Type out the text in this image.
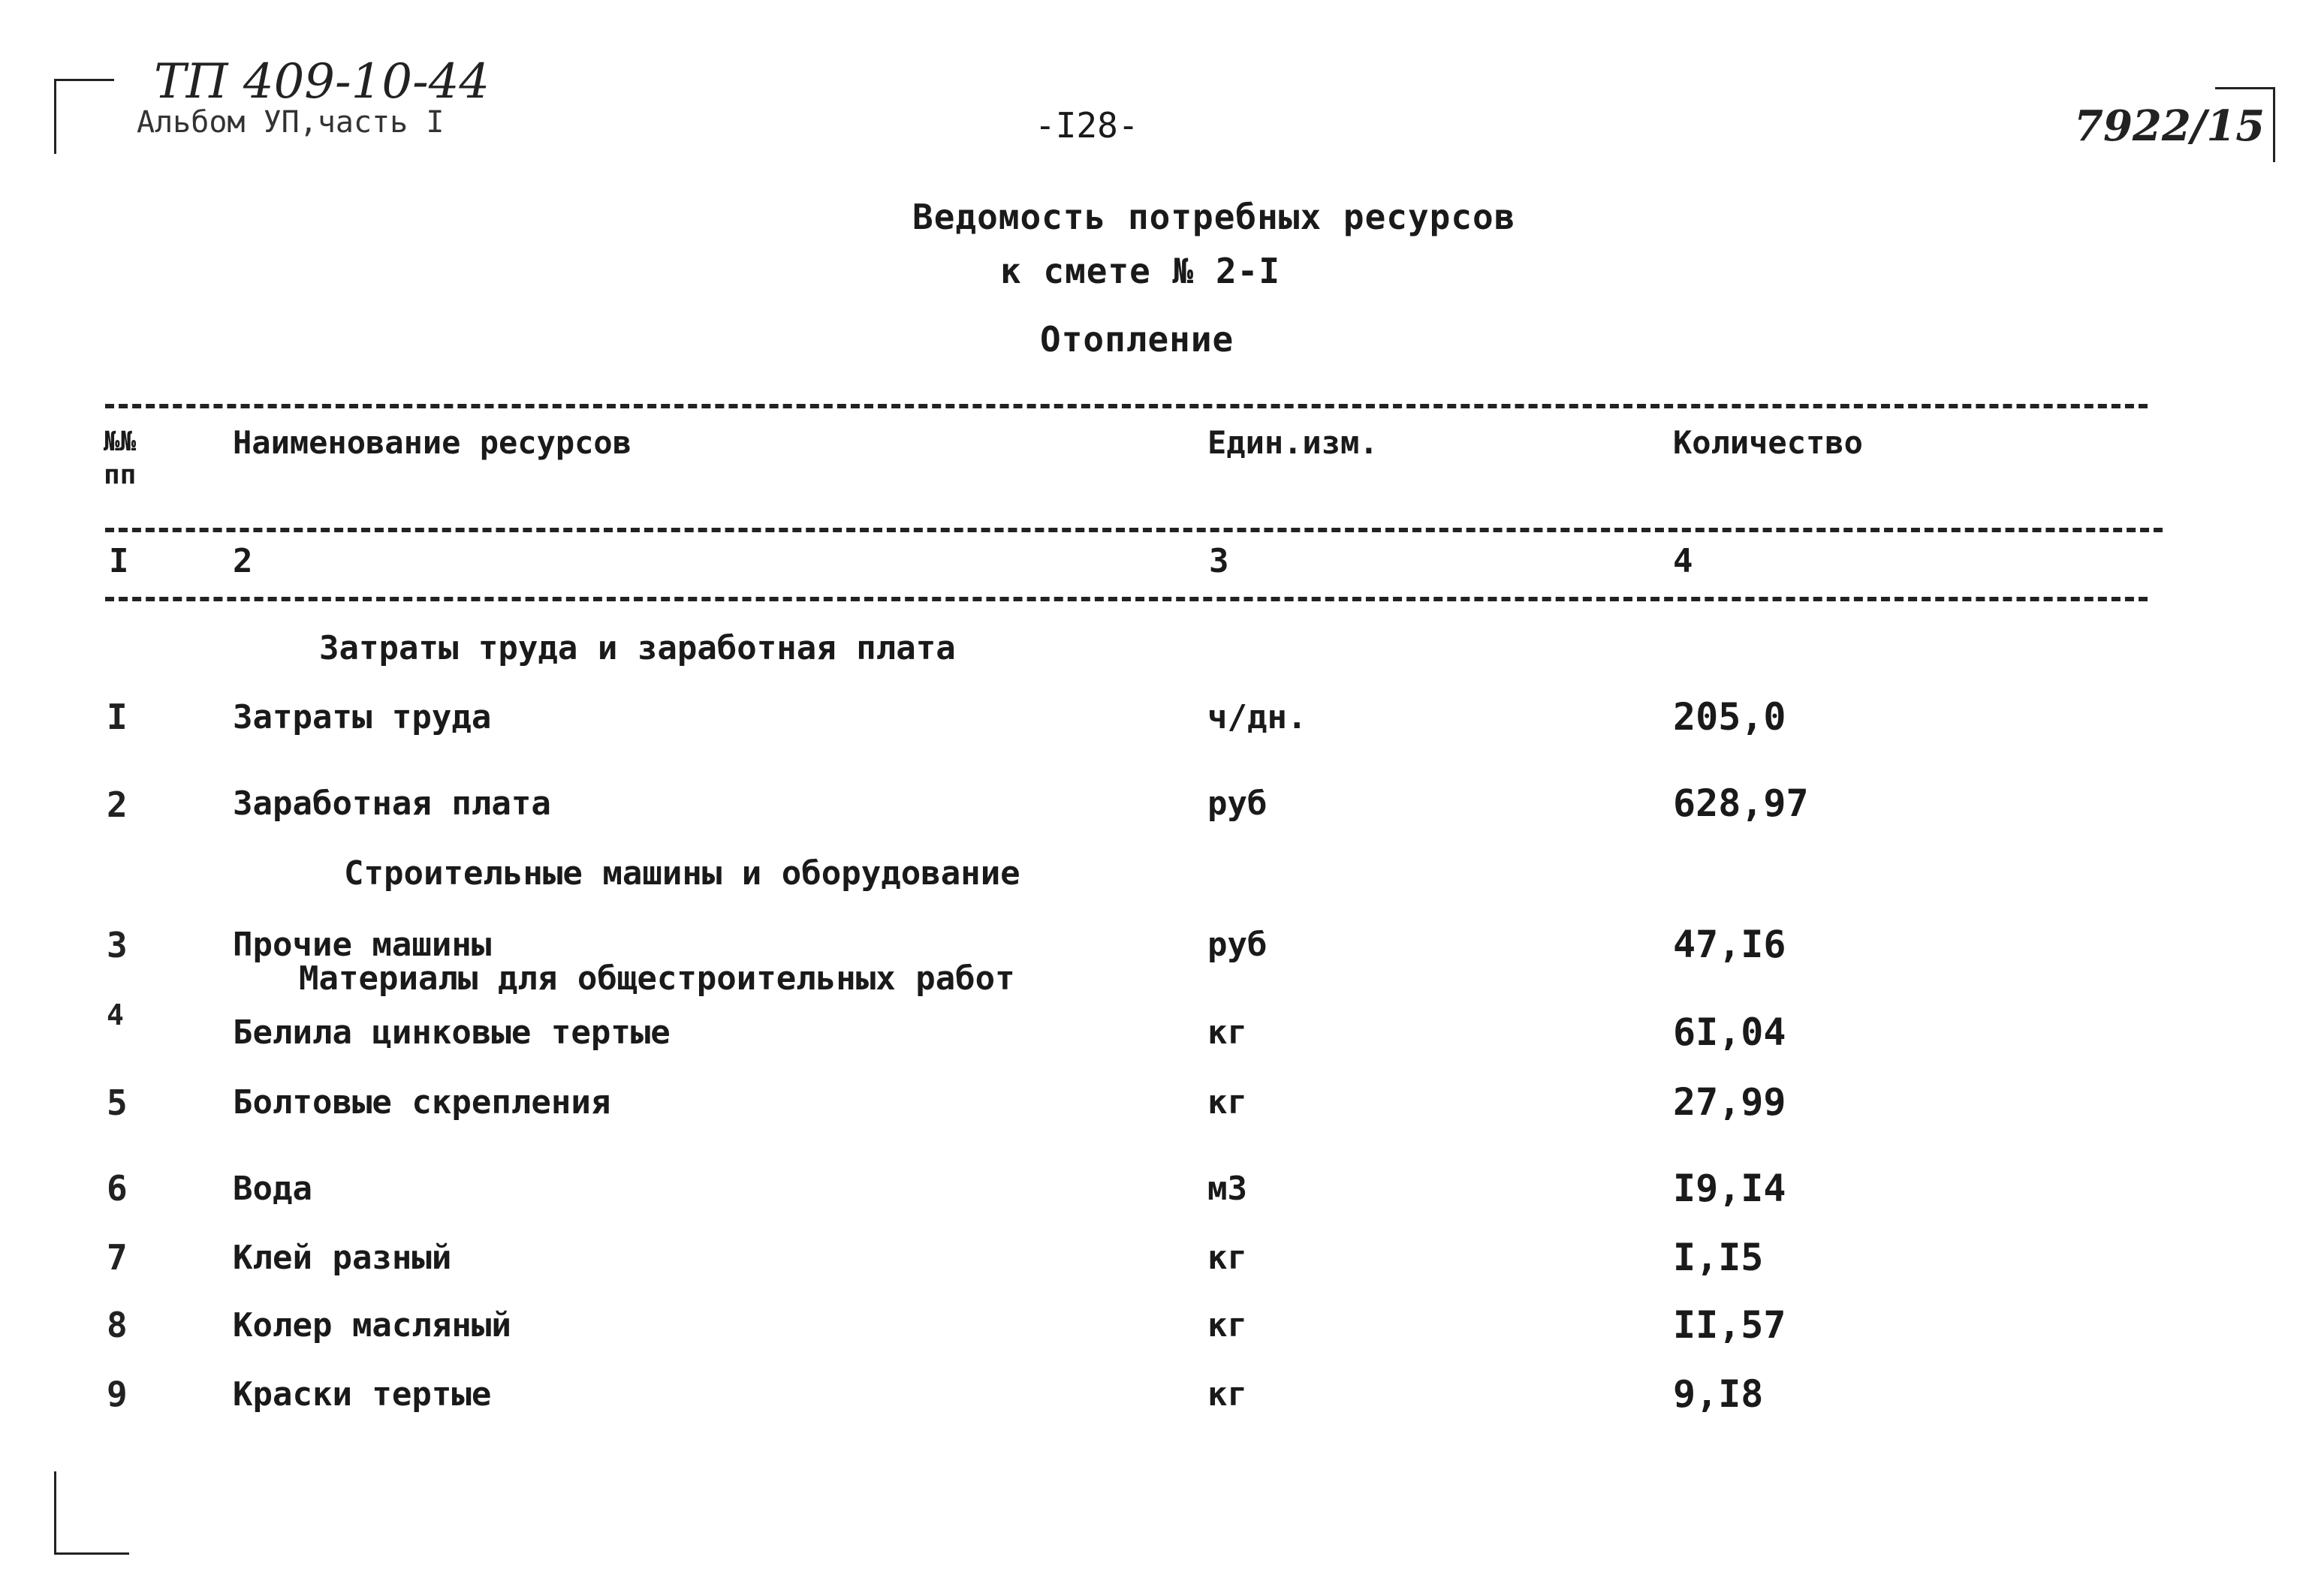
ТП 409-10-44
Альбом УП,часть I	-I28-	7922/15
Ведомость потребных ресурсов
к смете № 2-I
Отопление
№№
пп
Наименование ресурсов	Един.изм.	Количество
I	2	3	4
Затраты труда и заработная плата
Строительные машины и оборудование
Материалы для общестроительных работ
I	Затраты труда	ч/дн.	205,0
2	Заработная плата	руб	628,97
3	Прочие машины	руб	47,I6
4	Белила цинковые тертые	кг	6I,04
5	Болтовые скрепления	кг	27,99
6	Вода	м3	I9,I4
7	Клей разный	кг	I,I5
8	Колер масляный	кг	II,57
9	Краски тертые	кг	9,I8
